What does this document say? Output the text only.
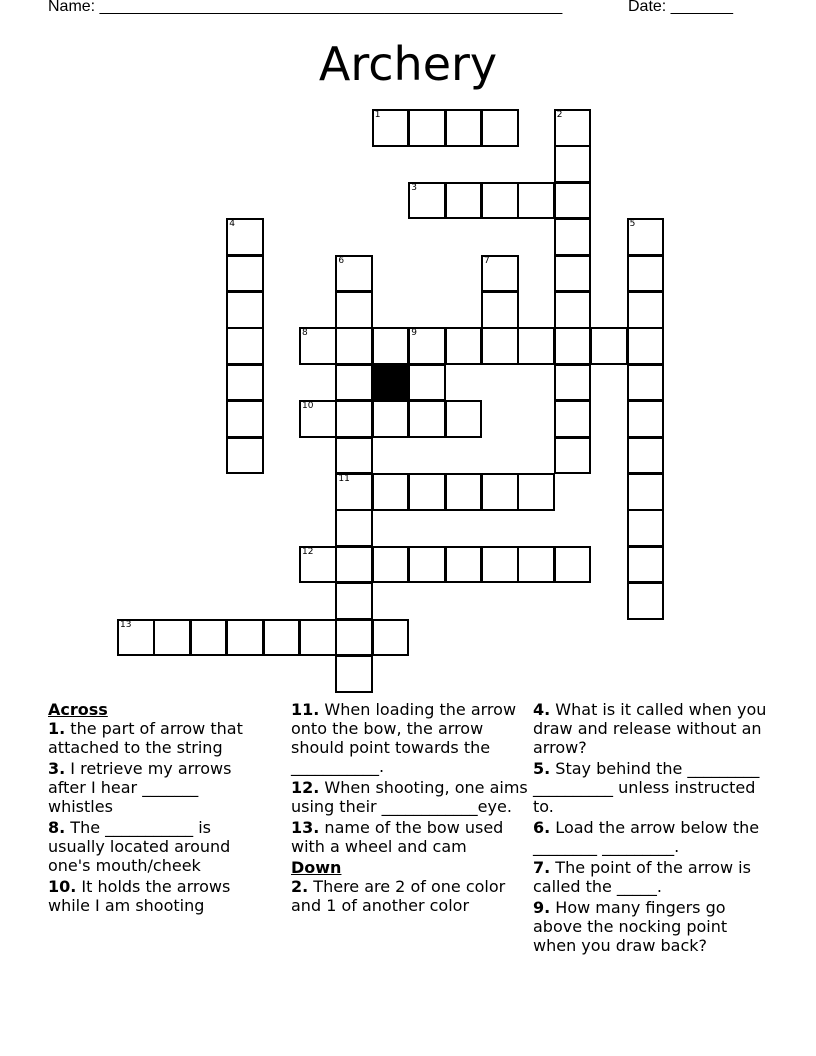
Name: ____________________________________________________	Date: _______
Archery
1	2
3
4	5
6	7
8	9
10
11
12
13
Across
1. the part of arrow that attached to the string
3. I retrieve my arrows after I hear _______ whistles
8. The ___________ is usually located around one's mouth/cheek
10. It holds the arrows while I am shooting
11. When loading the arrow onto the bow, the arrow should point towards the ___________.
12. When shooting, one aims using their ____________eye.
13. name of the bow used with a wheel and cam
Down
2. There are 2 of one color and 1 of another color
4. What is it called when you draw and release without an arrow?
5. Stay behind the _________ __________ unless instructed to.
6. Load the arrow below the ________ _________.
7. The point of the arrow is called the _____.
9. How many fingers go above the nocking point when you draw back?
